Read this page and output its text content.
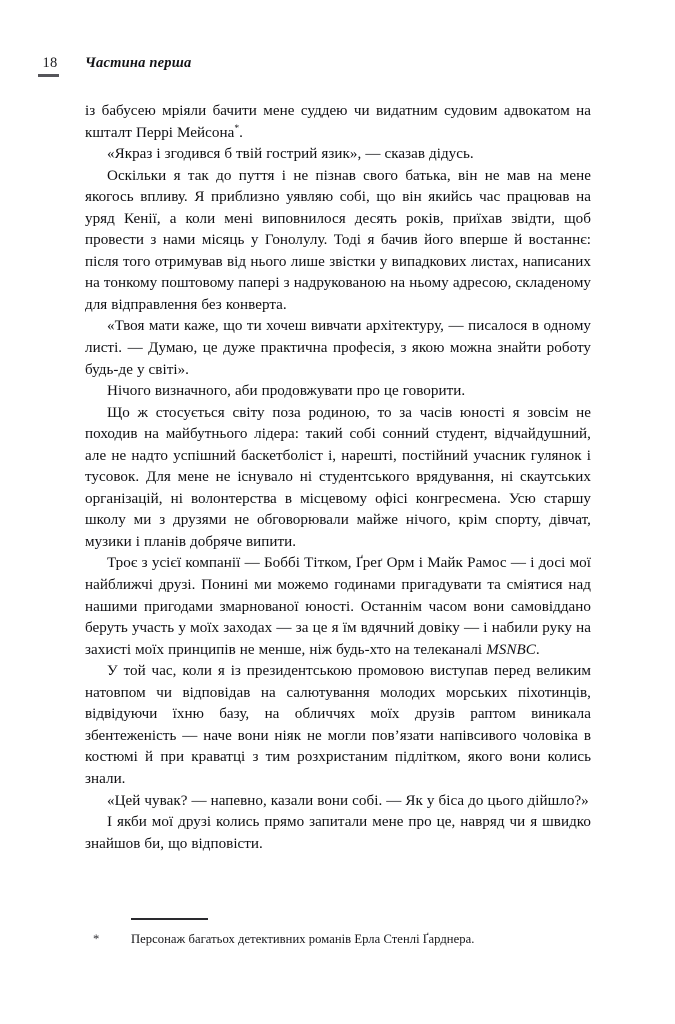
18	Частина перша

із бабусею мріяли бачити мене суддею чи видатним судовим адвокатом на кшталт Перрі Мейсона*.

«Якраз і згодився б твій гострий язик», — сказав дідусь.

Оскільки я так до пуття і не пізнав свого батька, він не мав на мене якогось впливу. Я приблизно уявляю собі, що він якийсь час працював на уряд Кенії, а коли мені виповнилося десять років, приїхав звідти, щоб провести з нами місяць у Гонолулу. Тоді я бачив його вперше й востаннє: після того отримував від нього лише звістки у випадкових листах, написаних на тонкому поштовому папері з надрукованою на ньому адресою, складеному для відправлення без конверта.

«Твоя мати каже, що ти хочеш вивчати архітектуру, — писалося в одному листі. — Думаю, це дуже практична професія, з якою можна знайти роботу будь-де у світі».

Нічого визначного, аби продовжувати про це говорити.

Що ж стосується світу поза родиною, то за часів юності я зовсім не походив на майбутнього лідера: такий собі сонний студент, відчайдушний, але не надто успішний баскетболіст і, нарешті, постійний учасник гулянок і тусовок. Для мене не існувало ні студентського врядування, ні скаутських організацій, ні волонтерства в місцевому офісі конгресмена. Усю старшу школу ми з друзями не обговорювали майже нічого, крім спорту, дівчат, музики і планів добряче випити.

Троє з усієї компанії — Боббі Тітком, Ґреґ Орм і Майк Рамос — і досі мої найближчі друзі. Понині ми можемо годинами пригадувати та сміятися над нашими пригодами змарнованої юності. Останнім часом вони самовіддано беруть участь у моїх заходах — за це я їм вдячний довіку — і набили руку на захисті моїх принципів не менше, ніж будь-хто на телеканалі MSNBC.

У той час, коли я із президентською промовою виступав перед великим натовпом чи відповідав на салютування молодих морських піхотинців, відвідуючи їхню базу, на обличчях моїх друзів раптом виникала збентеженість — наче вони ніяк не могли пов’язати напівсивого чоловіка в костюмі й при краватці з тим розхристаним підлітком, якого вони колись знали.

«Цей чувак? — напевно, казали вони собі. — Як у біса до цього дійшло?»

І якби мої друзі колись прямо запитали мене про це, навряд чи я швидко знайшов би, що відповісти.

*	Персонаж багатьох детективних романів Ерла Стенлі Ґарднера.
